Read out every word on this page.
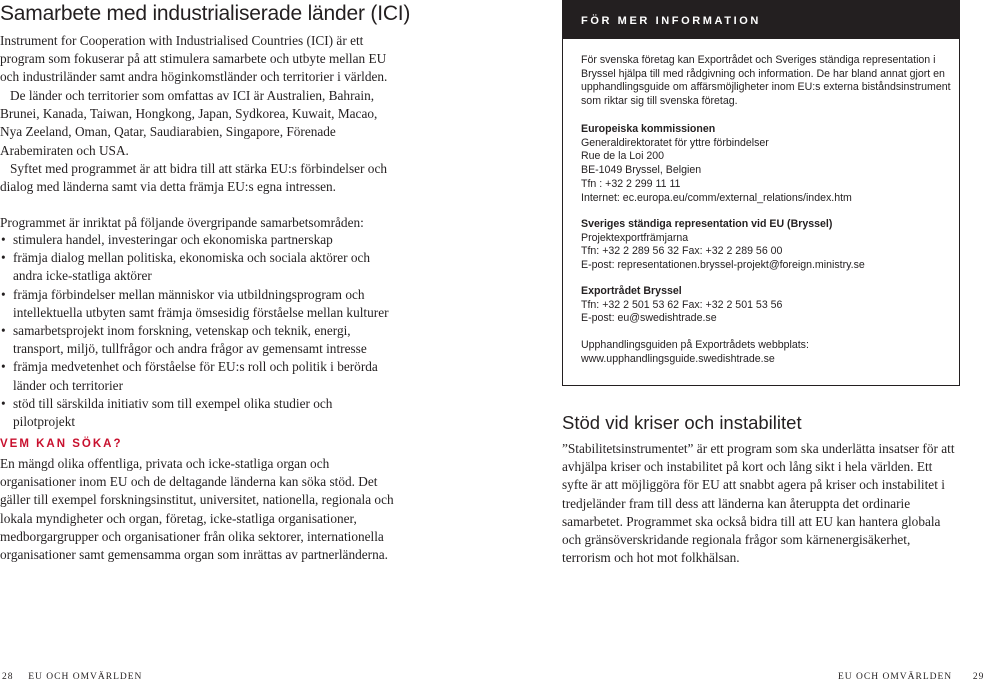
Samarbete med industrialiserade länder (ICI)

Instrument for Cooperation with Industrialised Countries (ICI) är ett program som fokuserar på att stimulera samarbete och utbyte mellan EU och industriländer samt andra höginkomstländer och territorier i världen.

De länder och territorier som omfattas av ICI är Australien, Bahrain, Brunei, Kanada, Taiwan, Hongkong, Japan, Sydkorea, Kuwait, Macao, Nya Zeeland, Oman, Qatar, Saudiarabien, Singapore, Förenade Arabemiraten och USA.

Syftet med programmet är att bidra till att stärka EU:s förbindelser och dialog med länderna samt via detta främja EU:s egna intressen.

Programmet är inriktat på följande övergripande samarbetsområden:

• stimulera handel, investeringar och ekonomiska partnerskap
• främja dialog mellan politiska, ekonomiska och sociala aktörer och andra icke-statliga aktörer
• främja förbindelser mellan människor via utbildningsprogram och intellektuella utbyten samt främja ömsesidig förståelse mellan kulturer
• samarbetsprojekt inom forskning, vetenskap och teknik, energi, transport, miljö, tullfrågor och andra frågor av gemensamt intresse
• främja medvetenhet och förståelse för EU:s roll och politik i berörda länder och territorier
• stöd till särskilda initiativ som till exempel olika studier och pilotprojekt
VEM KAN SÖKA?

En mängd olika offentliga, privata och icke-statliga organ och organisationer inom EU och de deltagande länderna kan söka stöd. Det gäller till exempel forskningsinstitut, universitet, nationella, regionala och lokala myndigheter och organ, företag, icke-statliga organisationer, medborgargrupper och organisationer från olika sektorer, internationella organisationer samt gemensamma organ som inrättas av partnerländerna.

FÖR MER INFORMATION
För svenska företag kan Exportrådet och Sveriges ständiga representation i Bryssel hjälpa till med rådgivning och information. De har bland annat gjort en upphandlingsguide om affärsmöjligheter inom EU:s externa biståndsinstrument som riktar sig till svenska företag.
Europeiska kommissionen
Generaldirektoratet för yttre förbindelser
Rue de la Loi 200
BE-1049 Bryssel, Belgien
Tfn : +32 2 299 11 11
Internet: ec.europa.eu/comm/external_relations/index.htm
Sveriges ständiga representation vid EU (Bryssel)
Projektexportfrämjarna
Tfn: +32 2 289 56 32 Fax: +32 2 289 56 00
E-post: representationen.bryssel-projekt@foreign.ministry.se
Exportrådet Bryssel
Tfn: +32 2 501 53 62 Fax: +32 2 501 53 56
E-post: eu@swedishtrade.se
Upphandlingsguiden på Exportrådets webbplats:
www.upphandlingsguide.swedishtrade.se
Stöd vid kriser och instabilitet

”Stabilitetsinstrumentet” är ett program som ska underlätta insatser för att avhjälpa kriser och instabilitet på kort och lång sikt i hela världen. Ett syfte är att möjliggöra för EU att snabbt agera på kriser och instabilitet i tredjeländer fram till dess att länderna kan återuppta det ordinarie samarbetet. Programmet ska också bidra till att EU kan hantera globala och gränsöverskridande regionala frågor som kärnenergisäkerhet, terrorism och hot mot folkhälsan.

28 EU OCH OMVÄRLDEN	EU OCH OMVÄRLDEN 29
